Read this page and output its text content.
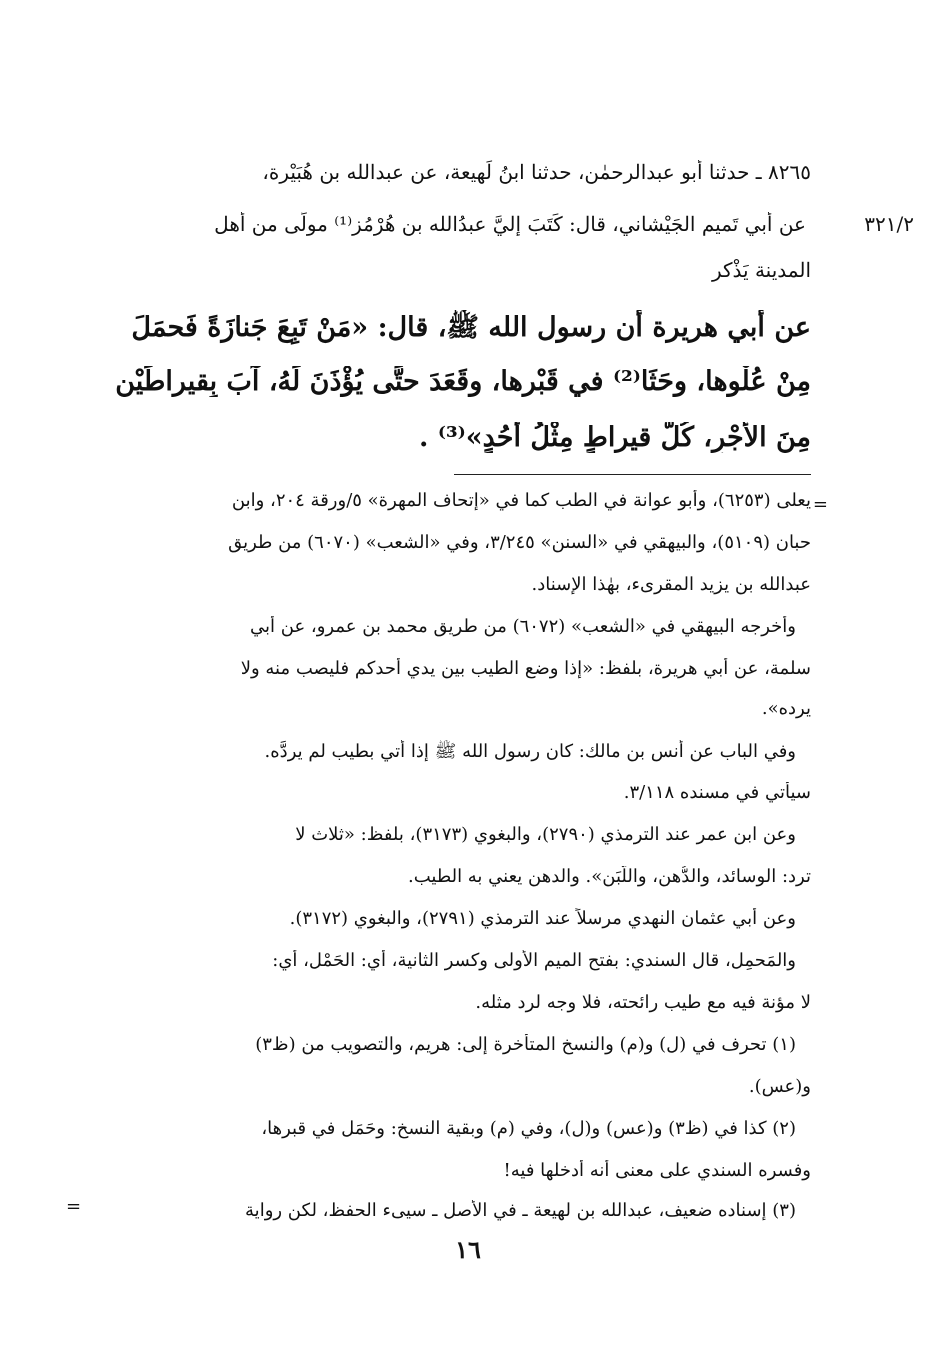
٣٢١/٢
٨٢٦٥ ـ حدثنا أبو عبدالرحمٰن، حدثنا ابنُ لَهيعة، عن عبدالله بن هُبَيْرة،
عن أَبي تَميم الجَيْشاني، قال: كَتَبَ إليَّ عبدُالله بن هُرْمُز⁽¹⁾ مولًى من أهل
المدينة يَذْكر
عن أَبي هريرة أن رسول الله ﷺ، قال: «مَنْ تَبِعَ جَنازَةً فَحمَلَ
مِنْ عُلْوها، وحَثَا⁽²⁾ في قَبْرها، وقَعَدَ حتَّى يُؤْذَنَ لَهُ، آبَ بِقيراطَيْنِ
مِنَ الأَجْرِ، كُلُّ قيراطٍ مِثْلُ أُحُدٍ»⁽³⁾ .
=
يعلى (٦٢٥٣)، وأبو عوانة في الطب كما في «إتحاف المهرة» ٥/ورقة ٢٠٤، وابن
حبان (٥١٠٩)، والبيهقي في «السنن» ٣/٢٤٥، وفي «الشعب» (٦٠٧٠) من طريق
عبدالله بن يزيد المقرىء، بهٰذا الإسناد.
وأخرجه البيهقي في «الشعب» (٦٠٧٢) من طريق محمد بن عمرو، عن أبي
سلمة، عن أبي هريرة، بلفظ: «إذا وضع الطيب بين يدي أحدكم فليصب منه ولا
يرده».
وفي الباب عن أنس بن مالك: كان رسول الله ﷺ إذا أتي بطيب لم يردَّه.
سيأتي في مسنده ٣/١١٨.
وعن ابن عمر عند الترمذي (٢٧٩٠)، والبغوي (٣١٧٣)، بلفظ: «ثلاث لا
ترد: الوسائد، والدُّهن، واللَّبَن». والدهن يعني به الطيب.
وعن أبي عثمان النهدي مرسلاً عند الترمذي (٢٧٩١)، والبغوي (٣١٧٢).
والمَحمِل، قال السندي: بفتح الميم الأولى وكسر الثانية، أي: الحَمْل، أي:
لا مؤنة فيه مع طيب رائحته، فلا وجه لرد مثله.
(١) تحرف في (ل) و(م) والنسخ المتأخرة إلى: هريم، والتصويب من (ظ٣)
و(عس).
(٢) كذا في (ظ٣) و(عس) و(ل)، وفي (م) وبقية النسخ: وحَمَل في قبرها،
وفسره السندي على معنى أنه أدخلها فيه!
(٣) إسناده ضعيف، عبدالله بن لهيعة ـ في الأصل ـ سيىء الحفظ، لكن رواية
=
١٦
